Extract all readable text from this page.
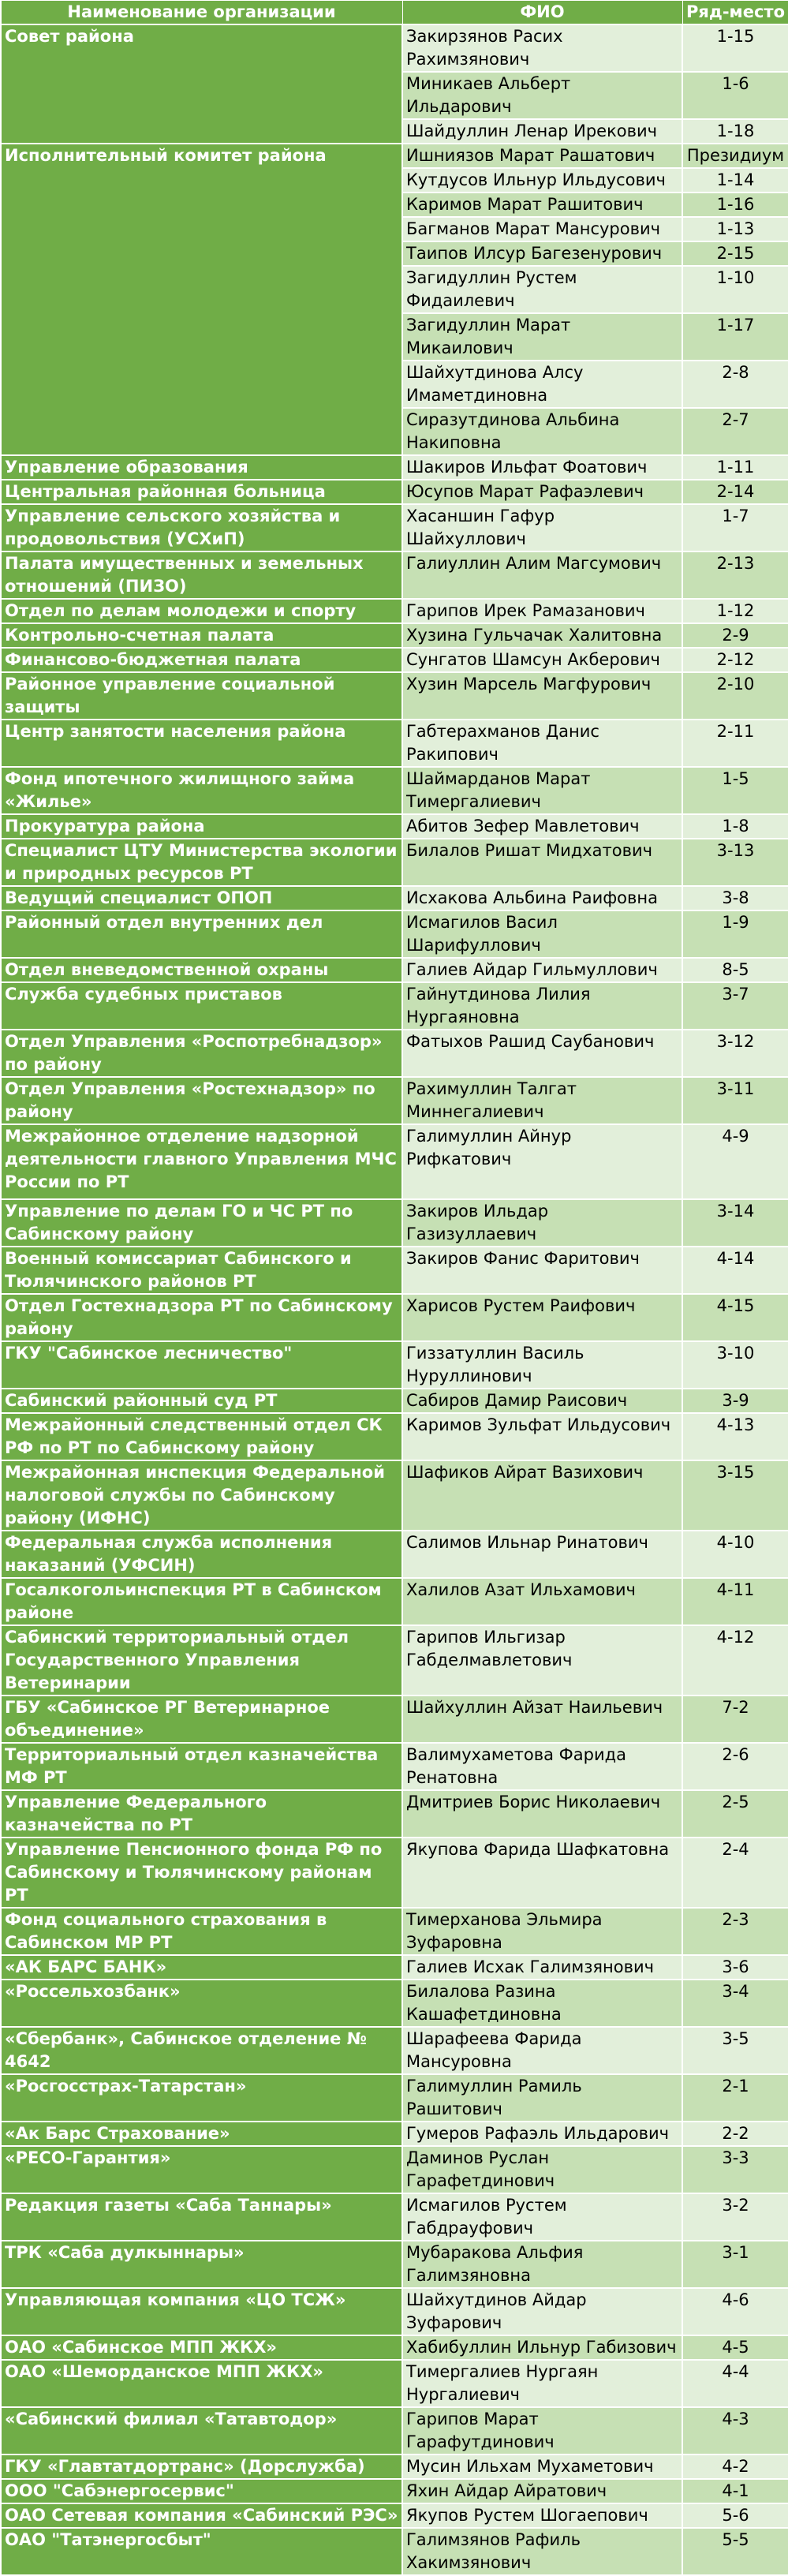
Наименование организации	ФИО	Ряд-место
Совет района	Закирзянов Расих Рахимзянович	1-15
	Миникаев Альберт Ильдарович	1-6
	Шайдуллин Ленар Ирекович	1-18
Исполнительный комитет района	Ишниязов Марат Рашатович	Президиум
	Кутдусов Ильнур Ильдусович	1-14
	Каримов Марат Рашитович	1-16
	Багманов Марат Мансурович	1-13
	Таипов Илсур Багезенурович	2-15
	Загидуллин Рустем Фидаилевич	1-10
	Загидуллин Марат Микаилович	1-17
	Шайхутдинова Алсу Имаметдиновна	2-8
	Сиразутдинова Альбина Накиповна	2-7
Управление образования	Шакиров Ильфат Фоатович	1-11
Центральная районная больница	Юсупов Марат Рафаэлевич	2-14
Управление сельского хозяйства и продовольствия (УСХиП)	Хасаншин Гафур Шайхуллович	1-7
Палата имущественных и земельных отношений (ПИЗО)	Галиуллин Алим Магсумович	2-13
Отдел по делам молодежи и спорту	Гарипов Ирек Рамазанович	1-12
Контрольно-счетная палата	Хузина Гульчачак Халитовна	2-9
Финансово-бюджетная палата	Сунгатов Шамсун Акберович	2-12
Районное управление социальной защиты	Хузин Марсель Магфурович	2-10
Центр занятости населения района	Габтерахманов Данис Ракипович	2-11
Фонд ипотечного жилищного займа «Жилье»	Шаймарданов Марат Тимергалиевич	1-5
Прокуратура района	Абитов Зефер Мавлетович	1-8
Специалист ЦТУ Министерства экологии и природных ресурсов РТ	Билалов Ришат Мидхатович	3-13
Ведущий специалист ОПОП	Исхакова Альбина Раифовна	3-8
Районный отдел внутренних дел	Исмагилов Васил Шарифуллович	1-9
Отдел вневедомственной охраны	Галиев Айдар Гильмуллович	8-5
Служба судебных приставов	Гайнутдинова Лилия Нургаяновна	3-7
Отдел Управления «Роспотребнадзор» по району	Фатыхов Рашид Саубанович	3-12
Отдел Управления «Ростехнадзор» по району	Рахимуллин Талгат Миннегалиевич	3-11
Межрайонное отделение надзорной деятельности главного Управления МЧС России по РТ	Галимуллин Айнур Рифкатович	4-9
Управление по делам ГО и ЧС РТ по Сабинскому району	Закиров Ильдар Газизуллаевич	3-14
Военный комиссариат Сабинского и Тюлячинского районов РТ	Закиров Фанис Фаритович	4-14
Отдел Гостехнадзора РТ по Сабинскому району	Харисов Рустем Раифович	4-15
ГКУ "Сабинское лесничество"	Гиззатуллин Василь Нуруллинович	3-10
Сабинский районный суд РТ	Сабиров Дамир Раисович	3-9
Межрайонный следственный отдел СК РФ по РТ по Сабинскому району	Каримов Зульфат Ильдусович	4-13
Межрайонная инспекция Федеральной налоговой службы по Сабинскому району (ИФНС)	Шафиков Айрат Вазихович	3-15
Федеральная служба исполнения наказаний (УФСИН)	Салимов Ильнар Ринатович	4-10
Госалкогольинспекция РТ в Сабинском районе	Халилов Азат Ильхамович	4-11
Сабинский территориальный отдел Государственного Управления Ветеринарии	Гарипов Ильгизар Габделмавлетович	4-12
ГБУ «Сабинское РГ Ветеринарное объединение»	Шайхуллин Айзат Наильевич	7-2
Территориальный отдел казначейства МФ РТ	Валимухаметова Фарида Ренатовна	2-6
Управление Федерального казначейства по РТ	Дмитриев Борис Николаевич	2-5
Управление Пенсионного фонда РФ по Сабинскому и Тюлячинскому районам РТ	Якупова Фарида Шафкатовна	2-4
Фонд социального страхования в Сабинском МР РТ	Тимерханова Эльмира Зуфаровна	2-3
«АК БАРС БАНК»	Галиев Исхак Галимзянович	3-6
«Россельхозбанк»	Билалова Разина Кашафетдиновна	3-4
«Сбербанк», Сабинское отделение № 4642	Шарафеева Фарида Мансуровна	3-5
«Росгосстрах-Татарстан»	Галимуллин Рамиль Рашитович	2-1
«Ак Барс Страхование»	Гумеров Рафаэль Ильдарович	2-2
«РЕСО-Гарантия»	Даминов Руслан Гарафетдинович	3-3
Редакция газеты «Саба Таннары»	Исмагилов Рустем Габдрауфович	3-2
ТРК «Саба дулкыннары»	Мубаракова Альфия Галимзяновна	3-1
Управляющая компания «ЦО ТСЖ»	Шайхутдинов Айдар Зуфарович	4-6
ОАО «Сабинское МПП ЖКХ»	Хабибуллин Ильнур Габизович	4-5
ОАО «Шеморданское МПП ЖКХ»	Тимергалиев Нургаян Нургалиевич	4-4
«Сабинский филиал «Tатавтодор»	Гарипов Марат Гарафутдинович	4-3
ГКУ «Главтатдортранс» (Дорслужба)	Мусин Ильхам Мухаметович	4-2
ООО "Сабэнергосервис"	Яхин Айдар Айратович	4-1
ОАО Сетевая компания «Сабинский РЭС»	Якупов Рустем Шогаепович	5-6
ОАО "Татэнергосбыт"	Галимзянов Рафиль Хакимзянович	5-5
